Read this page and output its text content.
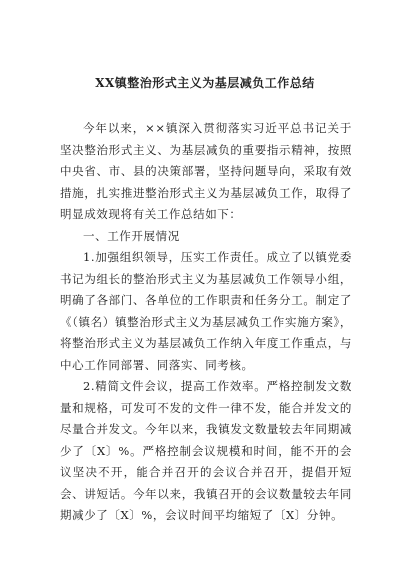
XX镇整治形式主义为基层减负工作总结

今年以来，××镇深入贯彻落实习近平总书记关于坚决整治形式主义、为基层减负的重要指示精神，按照中央省、市、县的决策部署，坚持问题导向，采取有效措施，扎实推进整治形式主义为基层减负工作，取得了明显成效现将有关工作总结如下：

一、工作开展情况

1.加强组织领导，压实工作责任。成立了以镇党委书记为组长的整治形式主义为基层减负工作领导小组，明确了各部门、各单位的工作职责和任务分工。制定了《（镇名）镇整治形式主义为基层减负工作实施方案》，将整治形式主义为基层减负工作纳入年度工作重点，与中心工作同部署、同落实、同考核。

2.精简文件会议，提高工作效率。严格控制发文数量和规格，可发可不发的文件一律不发，能合并发文的尽量合并发文。今年以来，我镇发文数量较去年同期减少了〔X〕%。严格控制会议规模和时间，能不开的会议坚决不开，能合并召开的会议合并召开，提倡开短会、讲短话。今年以来，我镇召开的会议数量较去年同期减少了〔X〕%，会议时间平均缩短了〔X〕分钟。
